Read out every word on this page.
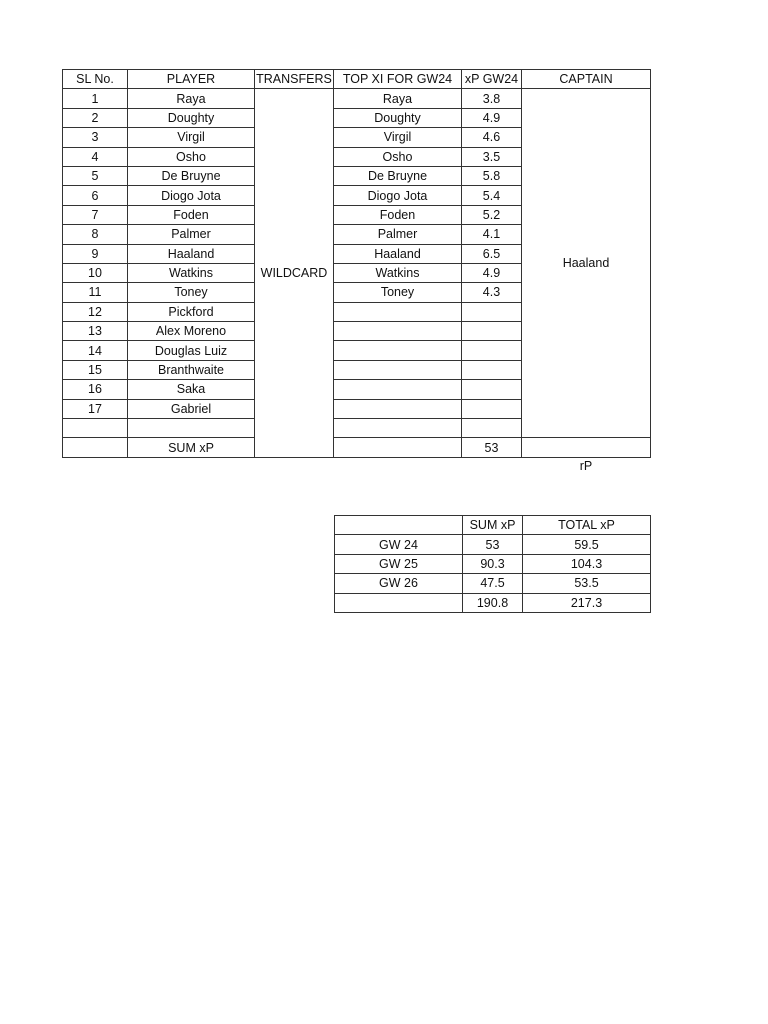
SL No.	PLAYER	TRANSFERS	TOP XI FOR GW24	xP GW24	CAPTAIN
1	Raya	WILDCARD	Raya	3.8	Haaland
2	Doughty		Doughty	4.9	
3	Virgil		Virgil	4.6	
4	Osho		Osho	3.5	
5	De Bruyne		De Bruyne	5.8	
6	Diogo Jota		Diogo Jota	5.4	
7	Foden		Foden	5.2	
8	Palmer		Palmer	4.1	
9	Haaland		Haaland	6.5	
10	Watkins		Watkins	4.9	
11	Toney		Toney	4.3	
12	Pickford				
13	Alex Moreno				
14	Douglas Luiz				
15	Branthwaite				
16	Saka				
17	Gabriel				

	SUM xP			53	
rP
	SUM xP	TOTAL xP
GW 24	53	59.5
GW 25	90.3	104.3
GW 26	47.5	53.5
	190.8	217.3
